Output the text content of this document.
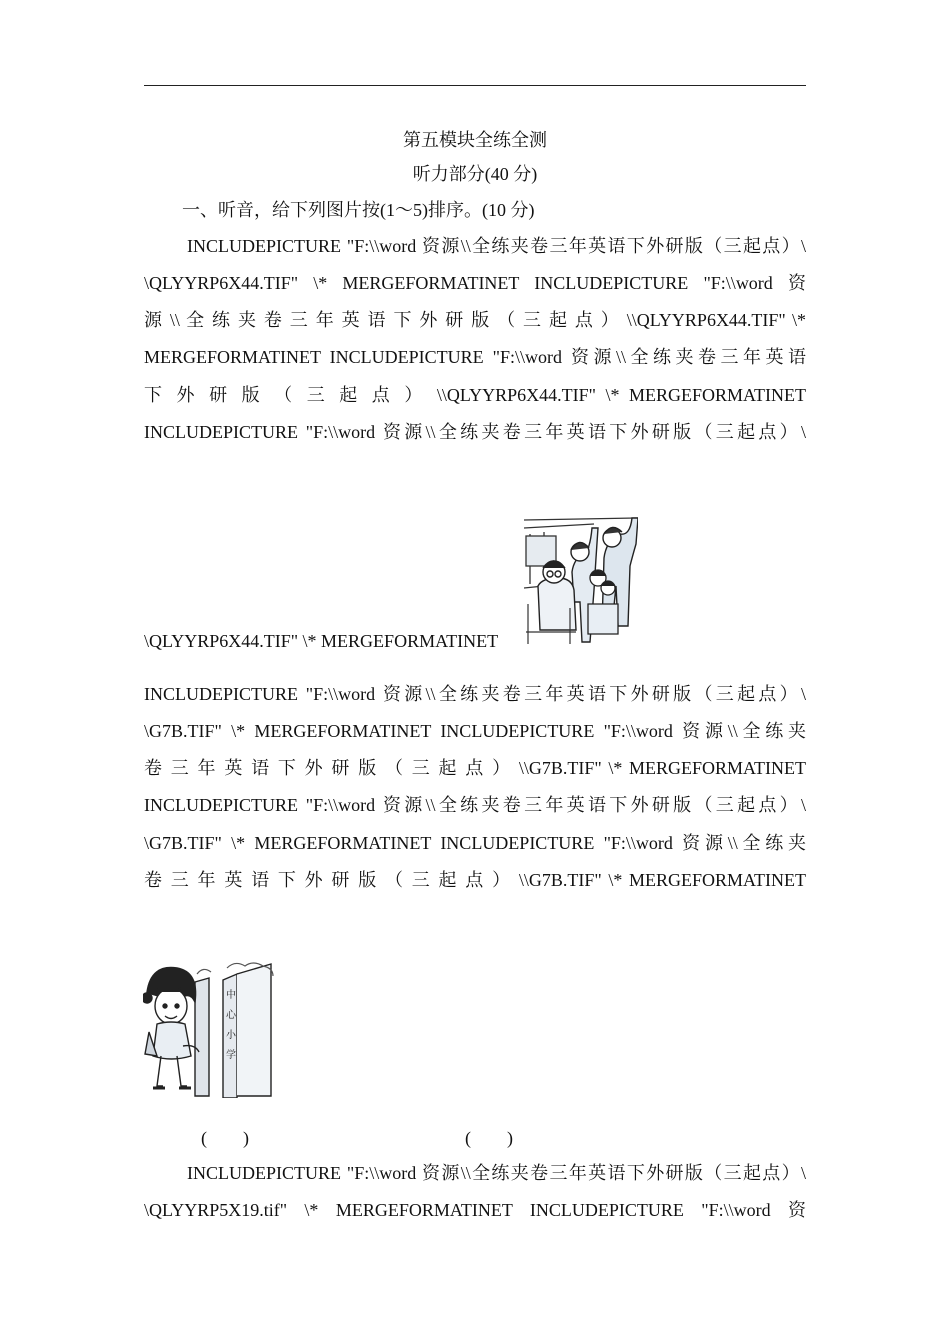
第五模块全练全测
听力部分(40 分)
一、听音，给下列图片按(1～5)排序。(10 分)
INCLUDEPICTURE "F:\\word 资源\\全练夹卷三年英语下外研版（三起点）\
\QLYYRP6X44.TIF" \* MERGEFORMATINET INCLUDEPICTURE "F:\\word 资
源 \\ 全 练 夹 卷 三 年 英 语 下 外 研 版 （ 三 起 点 ） \\QLYYRP6X44.TIF" \*
MERGEFORMATINET INCLUDEPICTURE "F:\\word 资源\\全练夹卷三年英语
下 外 研 版 （ 三 起 点 ） \\QLYYRP6X44.TIF" \* MERGEFORMATINET
INCLUDEPICTURE "F:\\word 资源\\全练夹卷三年英语下外研版（三起点）\
\QLYYRP6X44.TIF" \* MERGEFORMATINET
INCLUDEPICTURE "F:\\word 资源\\全练夹卷三年英语下外研版（三起点）\
\G7B.TIF" \* MERGEFORMATINET INCLUDEPICTURE "F:\\word 资源\\全练夹
卷 三 年 英 语 下 外 研 版 （ 三 起 点 ） \\G7B.TIF" \* MERGEFORMATINET
INCLUDEPICTURE "F:\\word 资源\\全练夹卷三年英语下外研版（三起点）\
\G7B.TIF" \* MERGEFORMATINET INCLUDEPICTURE "F:\\word 资源\\全练夹
卷 三 年 英 语 下 外 研 版 （ 三 起 点 ） \\G7B.TIF" \* MERGEFORMATINET
中
心
小
学
(　　)	(　　)
INCLUDEPICTURE "F:\\word 资源\\全练夹卷三年英语下外研版（三起点）\
\QLYYRP5X19.tif" \* MERGEFORMATINET INCLUDEPICTURE "F:\\word 资
